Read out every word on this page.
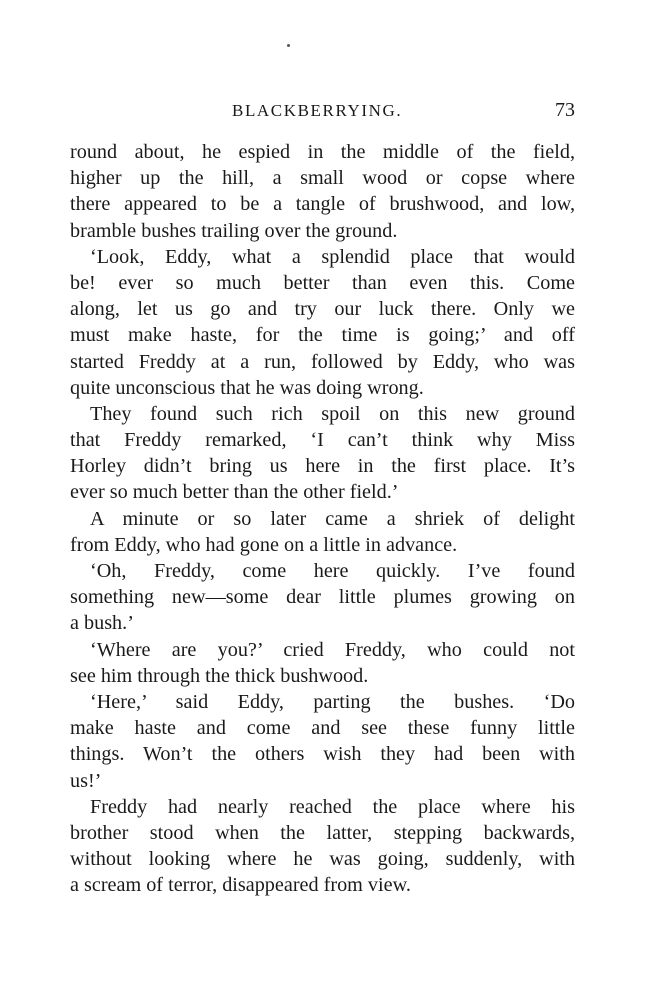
BLACKBERRYING.	73
round about, he espied in the middle of the field,
higher up the hill, a small wood or copse where
there appeared to be a tangle of brushwood, and low,
bramble bushes trailing over the ground.
‘Look, Eddy, what a splendid place that would
be! ever so much better than even this. Come
along, let us go and try our luck there. Only we
must make haste, for the time is going;’ and off
started Freddy at a run, followed by Eddy, who was
quite unconscious that he was doing wrong.
They found such rich spoil on this new ground
that Freddy remarked, ‘I can’t think why Miss
Horley didn’t bring us here in the first place. It’s
ever so much better than the other field.’
A minute or so later came a shriek of delight
from Eddy, who had gone on a little in advance.
‘Oh, Freddy, come here quickly. I’ve found
something new—some dear little plumes growing on
a bush.’
‘Where are you?’ cried Freddy, who could not
see him through the thick bushwood.
‘Here,’ said Eddy, parting the bushes. ‘Do
make haste and come and see these funny little
things. Won’t the others wish they had been with
us!’
Freddy had nearly reached the place where his
brother stood when the latter, stepping backwards,
without looking where he was going, suddenly, with
a scream of terror, disappeared from view.
